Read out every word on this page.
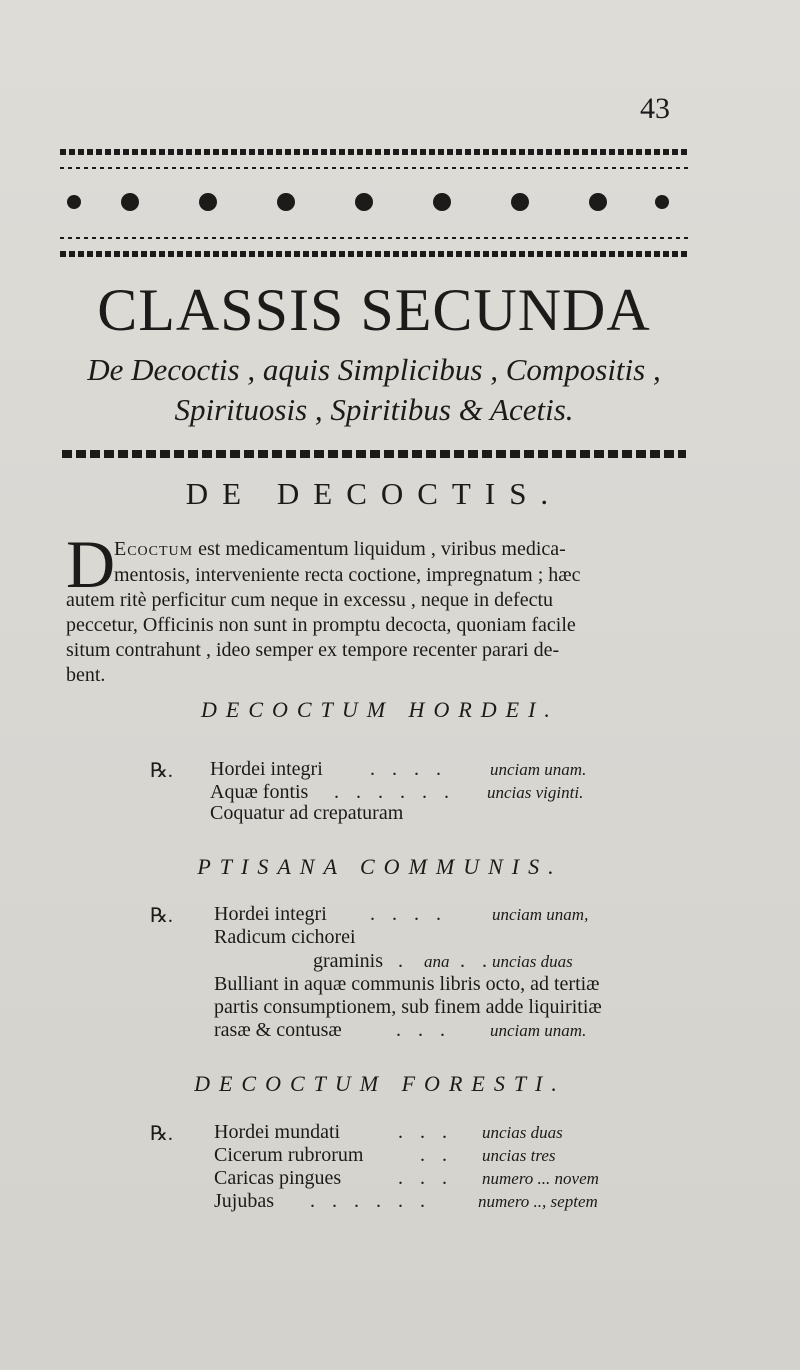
43
CLASSIS SECUNDA
De Decoctis , aquis Simplicibus , Compositis ,
Spirituosis , Spiritibus & Acetis.
DE DECOCTIS.
D
Ecoctum est medicamentum liquidum , viribus medica-
mentosis, interveniente recta coctione, impregnatum ; hæc
autem ritè perficitur cum neque in excessu , neque in defectu
peccetur, Officinis non sunt in promptu decocta, quoniam facile
situm contrahunt , ideo semper ex tempore recenter parari de-
bent.
DECOCTUM HORDEI.
℞. Hordei integri . . . .	unciam unam.
Aquæ fontis . . . . . . uncias viginti.
Coquatur ad crepaturam
PTISANA COMMUNIS.
℞. Hordei integri . . . .	unciam unam,
Radicum cichorei
graminis . ana . . uncias duas
Bulliant in aquæ communis libris octo, ad tertiæ
partis consumptionem, sub finem adde liquiritiæ
rasæ & contusæ	. . . unciam unam.
DECOCTUM FORESTI.
℞. Hordei mundati	. . . uncias duas
Cicerum rubrorum	. . uncias tres
Caricas pingues	. . . numero ... novem
Jujubas . . . . . .	numero .., septem
